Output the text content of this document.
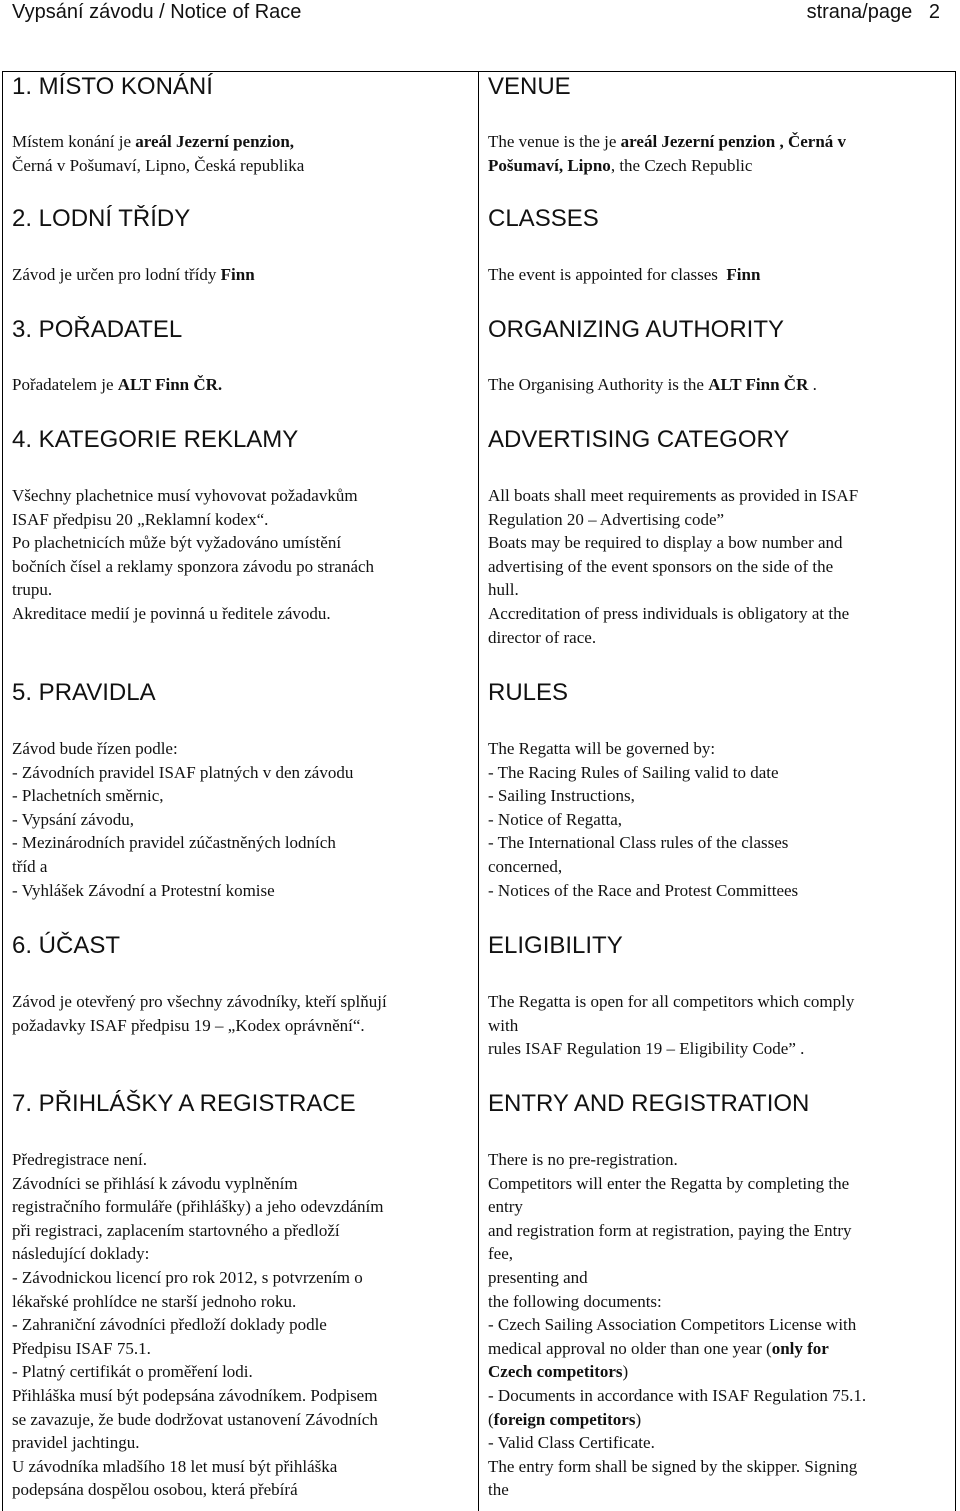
Vypsání závodu / Notice of Race	strana/page 2
1. MÍSTO KONÁNÍ
Místem konání je areál Jezerní penzion,
Černá v Pošumaví, Lipno, Česká republika
2. LODNÍ TŘÍDY
Závod je určen pro lodní třídy Finn
3. POŘADATEL
Pořadatelem je ALT Finn ČR.
4. KATEGORIE REKLAMY
Všechny plachetnice musí vyhovovat požadavkům
ISAF předpisu 20 „Reklamní kodex“.
Po plachetnicích může být vyžadováno umístění
bočních čísel a reklamy sponzora závodu po stranách
trupu.
Akreditace medií je povinná u ředitele závodu.
5. PRAVIDLA
Závod bude řízen podle:
- Závodních pravidel ISAF platných v den závodu
- Plachetních směrnic,
- Vypsání závodu,
- Mezinárodních pravidel zúčastněných lodních
tříd a
- Vyhlášek Závodní a Protestní komise
6. ÚČAST
Závod je otevřený pro všechny závodníky, kteří splňují
požadavky ISAF předpisu 19 – „Kodex oprávnění“.
7. PŘIHLÁŠKY A REGISTRACE
Předregistrace není.
Závodníci se přihlásí k závodu vyplněním
registračního formuláře (přihlášky) a jeho odevzdáním
při registraci, zaplacením startovného a předloží
následující doklady:
- Závodnickou licencí pro rok 2012, s potvrzením o
lékařské prohlídce ne starší jednoho roku.
- Zahraniční závodníci předloží doklady podle
Předpisu ISAF 75.1.
- Platný certifikát o proměření lodi.
Přihláška musí být podepsána závodníkem. Podpisem
se zavazuje, že bude dodržovat ustanovení Závodních
pravidel jachtingu.
U závodníka mladšího 18 let musí být přihláška
podepsána dospělou osobou, která přebírá
VENUE
The venue is the je areál Jezerní penzion , Černá v
Pošumaví, Lipno, the Czech Republic
CLASSES
The event is appointed for classes  Finn
ORGANIZING AUTHORITY
The Organising Authority is the ALT Finn ČR .
ADVERTISING CATEGORY
All boats shall meet requirements as provided in ISAF
Regulation 20 – Advertising code”
Boats may be required to display a bow number and
advertising of the event sponsors on the side of the
hull.
Accreditation of press individuals is obligatory at the
director of race.
RULES
The Regatta will be governed by:
- The Racing Rules of Sailing valid to date
- Sailing Instructions,
- Notice of Regatta,
- The International Class rules of the classes
concerned,
- Notices of the Race and Protest Committees
ELIGIBILITY
The Regatta is open for all competitors which comply
with
rules ISAF Regulation 19 – Eligibility Code” .
ENTRY AND REGISTRATION
There is no pre-registration.
Competitors will enter the Regatta by completing the
entry
and registration form at registration, paying the Entry
fee,
presenting and
the following documents:
- Czech Sailing Association Competitors License with
medical approval no older than one year (only for
Czech competitors)
- Documents in accordance with ISAF Regulation 75.1.
(foreign competitors)
- Valid Class Certificate.
The entry form shall be signed by the skipper. Signing
the
